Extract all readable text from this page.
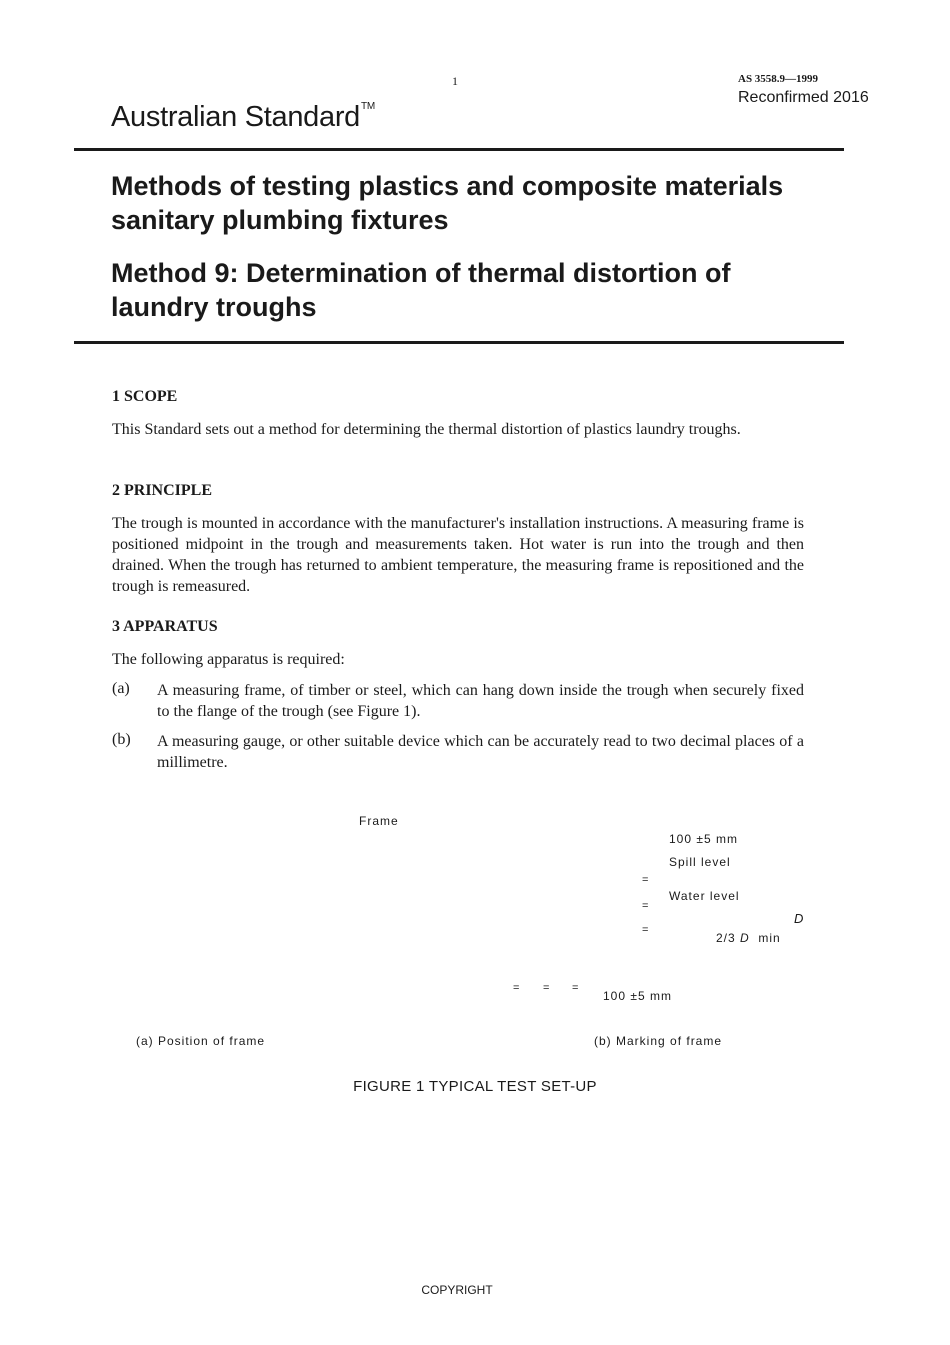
1	AS 3558.9—1999
Reconfirmed 2016
Australian Standard™
Methods of testing plastics and composite materials sanitary plumbing fixtures
Method 9: Determination of thermal distortion of laundry troughs
1 SCOPE
This Standard sets out a method for determining the thermal distortion of plastics laundry troughs.
2 PRINCIPLE
The trough is mounted in accordance with the manufacturer's installation instructions. A measuring frame is positioned midpoint in the trough and measurements taken. Hot water is run into the trough and then drained. When the trough has returned to ambient temperature, the measuring frame is repositioned and the trough is remeasured.
3 APPARATUS
The following apparatus is required:
(a) A measuring frame, of timber or steel, which can hang down inside the trough when securely fixed to the flange of the trough (see Figure 1).
(b) A measuring gauge, or other suitable device which can be accurately read to two decimal places of a millimetre.
Frame
100 ±5 mm
Spill level
Water level
D
2/3 D min
100 ±5 mm
=
=
=
= = =
(a) Position of frame	(b) Marking of frame
FIGURE 1 TYPICAL TEST SET-UP
COPYRIGHT
